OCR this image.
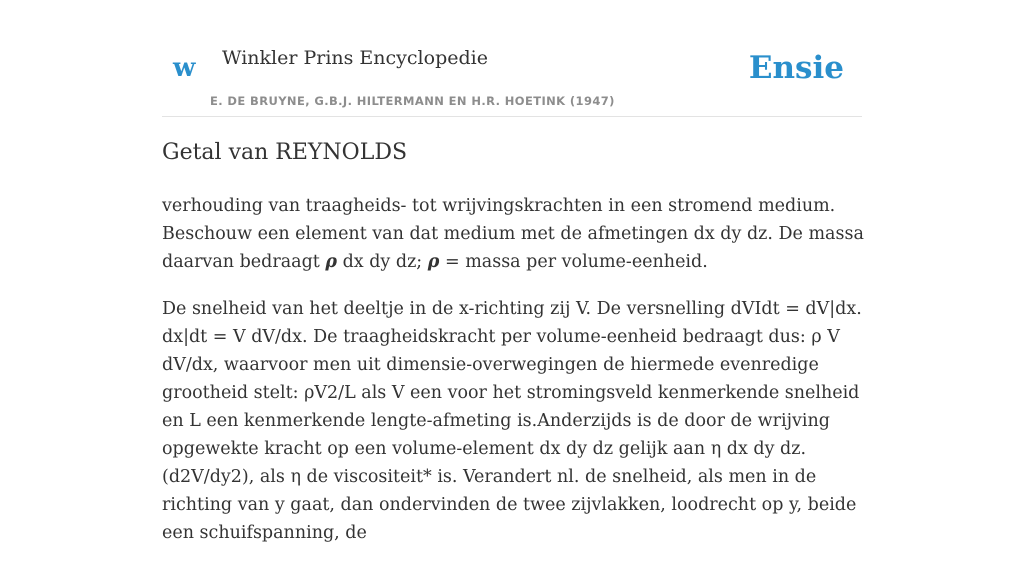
w Winkler Prins Encyclopedie
E. DE BRUYNE, G.B.J. HILTERMANN EN H.R. HOETINK (1947)
Ensie
Getal van REYNOLDS

verhouding van traagheids- tot wrijvingskrachten in een stromend medium. Beschouw een element van dat medium met de afmetingen dx dy dz. De massa daarvan bedraagt ρ dx dy dz; ρ = massa per volume-eenheid.

De snelheid van het deeltje in de x-richting zij V. De versnelling dVIdt = dV|dx. dx|dt = V dV/dx. De traagheidskracht per volume-eenheid bedraagt dus: ρ V dV/dx, waarvoor men uit dimensie-overwegingen de hiermede evenredige grootheid stelt: ρV2/L als V een voor het stromingsveld kenmerkende snelheid en L een kenmerkende lengte-afmeting is.Anderzijds is de door de wrijving opgewekte kracht op een volume-element dx dy dz gelijk aan η dx dy dz.(d2V/dy2), als η de viscositeit* is. Verandert nl. de snelheid, als men in de richting van y gaat, dan ondervinden de twee zijvlakken, loodrecht op y, beide een schuifspanning, de
